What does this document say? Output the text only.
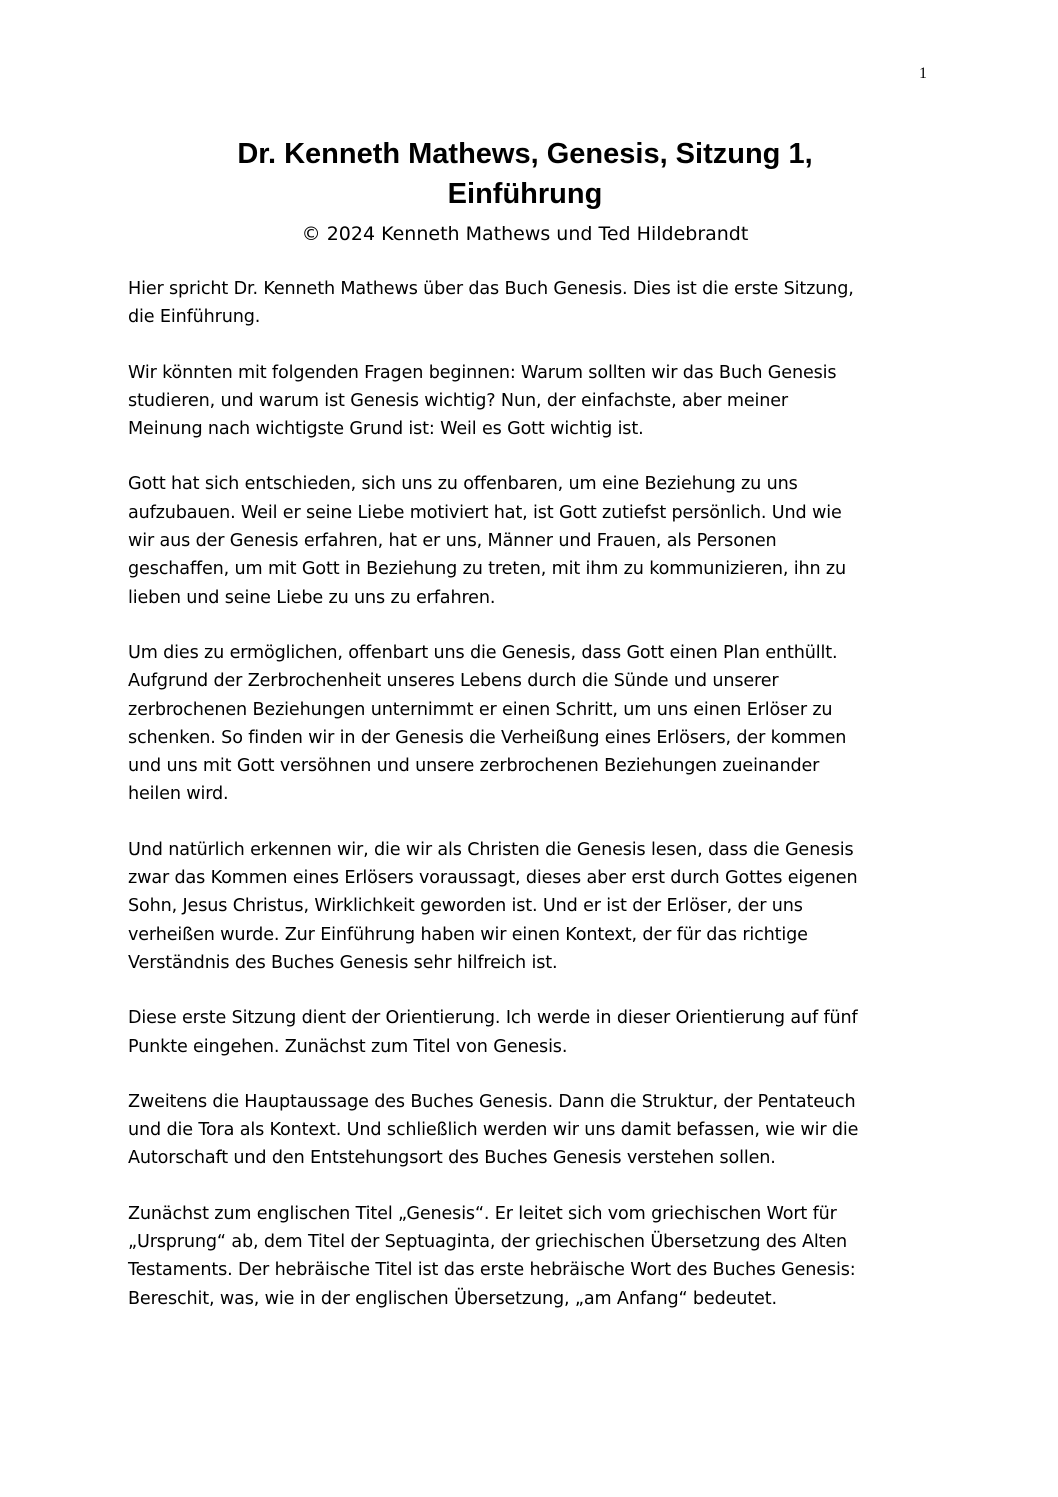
1
Dr. Kenneth Mathews, Genesis, Sitzung 1,
Einführung
© 2024 Kenneth Mathews und Ted Hildebrandt

Hier spricht Dr. Kenneth Mathews über das Buch Genesis. Dies ist die erste Sitzung,
die Einführung.

Wir könnten mit folgenden Fragen beginnen: Warum sollten wir das Buch Genesis
studieren, und warum ist Genesis wichtig? Nun, der einfachste, aber meiner
Meinung nach wichtigste Grund ist: Weil es Gott wichtig ist.

Gott hat sich entschieden, sich uns zu offenbaren, um eine Beziehung zu uns
aufzubauen. Weil er seine Liebe motiviert hat, ist Gott zutiefst persönlich. Und wie
wir aus der Genesis erfahren, hat er uns, Männer und Frauen, als Personen
geschaffen, um mit Gott in Beziehung zu treten, mit ihm zu kommunizieren, ihn zu
lieben und seine Liebe zu uns zu erfahren.

Um dies zu ermöglichen, offenbart uns die Genesis, dass Gott einen Plan enthüllt.
Aufgrund der Zerbrochenheit unseres Lebens durch die Sünde und unserer
zerbrochenen Beziehungen unternimmt er einen Schritt, um uns einen Erlöser zu
schenken. So finden wir in der Genesis die Verheißung eines Erlösers, der kommen
und uns mit Gott versöhnen und unsere zerbrochenen Beziehungen zueinander
heilen wird.

Und natürlich erkennen wir, die wir als Christen die Genesis lesen, dass die Genesis
zwar das Kommen eines Erlösers voraussagt, dieses aber erst durch Gottes eigenen
Sohn, Jesus Christus, Wirklichkeit geworden ist. Und er ist der Erlöser, der uns
verheißen wurde. Zur Einführung haben wir einen Kontext, der für das richtige
Verständnis des Buches Genesis sehr hilfreich ist.

Diese erste Sitzung dient der Orientierung. Ich werde in dieser Orientierung auf fünf
Punkte eingehen. Zunächst zum Titel von Genesis.

Zweitens die Hauptaussage des Buches Genesis. Dann die Struktur, der Pentateuch
und die Tora als Kontext. Und schließlich werden wir uns damit befassen, wie wir die
Autorschaft und den Entstehungsort des Buches Genesis verstehen sollen.

Zunächst zum englischen Titel „Genesis“. Er leitet sich vom griechischen Wort für
„Ursprung“ ab, dem Titel der Septuaginta, der griechischen Übersetzung des Alten
Testaments. Der hebräische Titel ist das erste hebräische Wort des Buches Genesis:
Bereschit, was, wie in der englischen Übersetzung, „am Anfang“ bedeutet.
